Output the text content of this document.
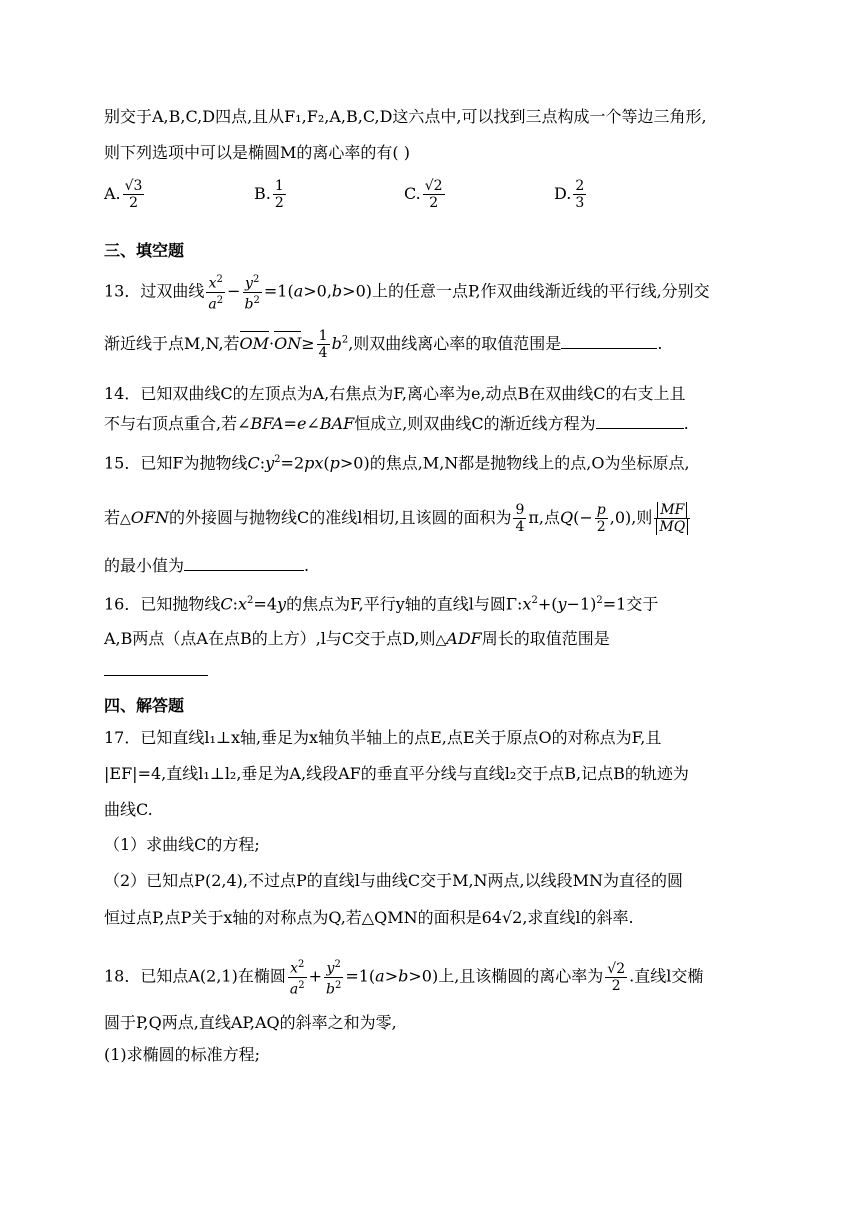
别交于A,B,C,D四点,且从F₁,F₂,A,B,C,D这六点中,可以找到三点构成一个等边三角形,
则下列选项中可以是椭圆M的离心率的有( )
A. $\frac{√3}{2}$	B. $\frac{1}{2}$	C. $\frac{√2}{2}$	D. $\frac{2}{3}$
三、填空题
13．过双曲线 $\frac{x^2}{a^2} - \frac{y^2}{b^2} =1(a>0,b>0)$上的任意一点P,作双曲线渐近线的平行线,分别交
渐近线于点M,N,若$OM\cdot ON\ge \frac{1}{4} b^2$,则双曲线离心率的取值范围是	.
14．已知双曲线C的左顶点为A,右焦点为F,离心率为e,动点B在双曲线C的右支上且
不与右顶点重合,若∠BFA=e∠BAF恒成立,则双曲线C的渐近线方程为	.
15．已知F为抛物线$C:y^2=2px(p>0)$的焦点,M,N都是抛物线上的点,O为坐标原点,
若△OFN的外接圆与抛物线C的准线l相切,且该圆的面积为 $\frac{9}{4} \pi$,点$Q(- \frac{p}{2} ,0)$,则 $\frac{MF}{MQ}$
的最小值为	.
16．已知抛物线$C:x^2=4y$的焦点为F,平行y轴的直线l与圆$\Gamma:x^2+(y-1)^2=1$交于
A,B两点（点A在点B的上方）,l与C交于点D,则△ADF周长的取值范围是
四、解答题
17．已知直线l₁⊥x轴,垂足为x轴负半轴上的点E,点E关于原点O的对称点为F,且
|EF|=4,直线l₁⊥l₂,垂足为A,线段AF的垂直平分线与直线l₂交于点B,记点B的轨迹为
曲线C.
（1）求曲线C的方程;
（2）已知点P(2,4),不过点P的直线l与曲线C交于M,N两点,以线段MN为直径的圆
恒过点P,点P关于x轴的对称点为Q,若△QMN的面积是64√2,求直线l的斜率.
18．已知点A(2,1)在椭圆 $\frac{x^2}{a^2} + \frac{y^2}{b^2} =1(a>b>0)$上,且该椭圆的离心率为 $\frac{√2}{2}$ .直线l交椭
圆于P,Q两点,直线AP,AQ的斜率之和为零,
(1)求椭圆的标准方程;
